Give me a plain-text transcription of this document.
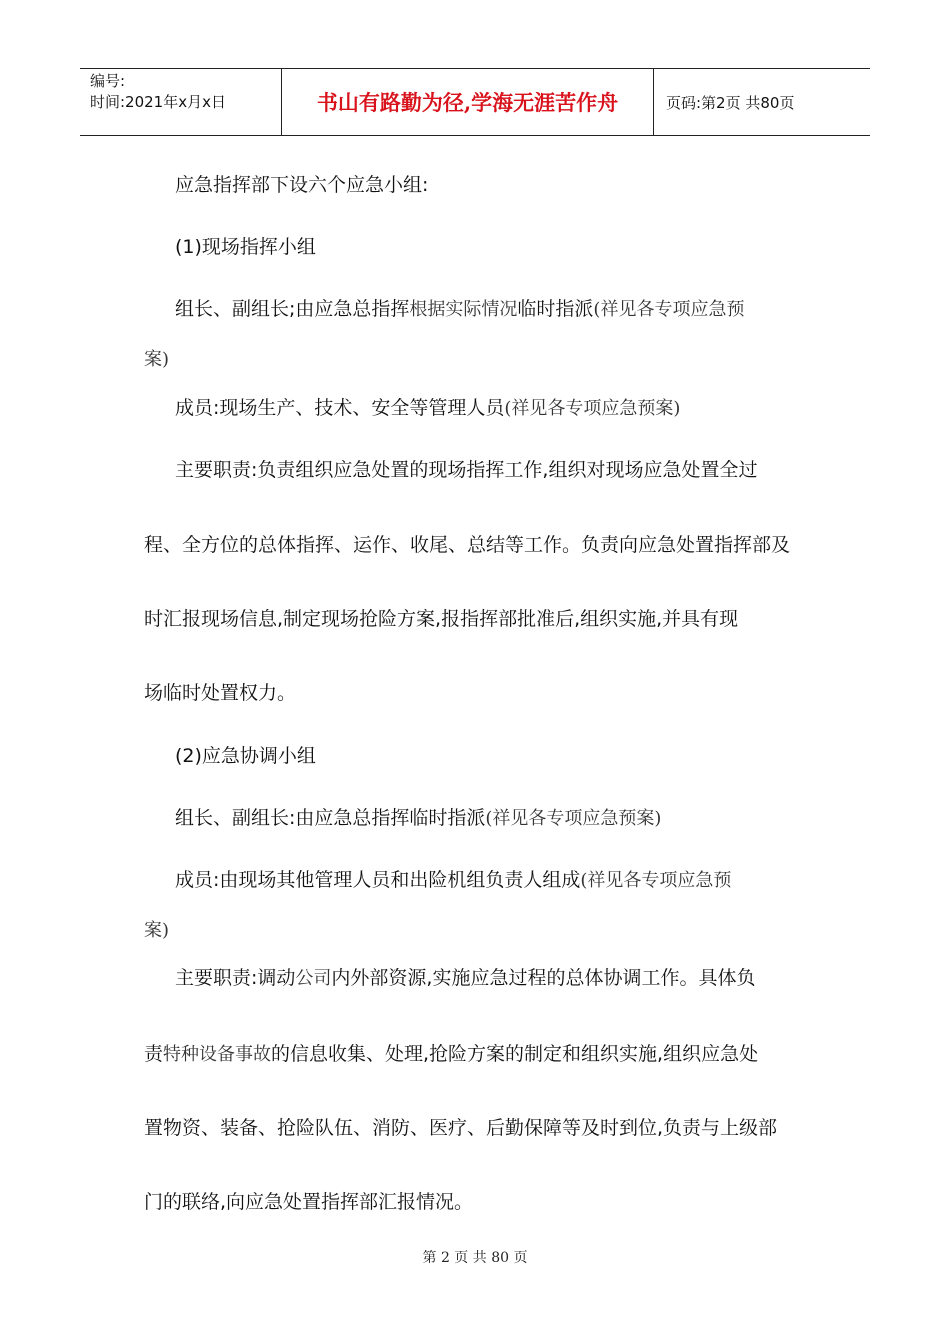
编号:
时间:2021年x月x日	书山有路勤为径,学海无涯苦作舟	页码:第2页 共80页
应急指挥部下设六个应急小组:
(1)现场指挥小组
组长、副组长;由应急总指挥根据实际情况临时指派(祥见各专项应急预
案)
成员:现场生产、技术、安全等管理人员(祥见各专项应急预案)
主要职责:负责组织应急处置的现场指挥工作,组织对现场应急处置全过
程、全方位的总体指挥、运作、收尾、总结等工作。负责向应急处置指挥部及
时汇报现场信息,制定现场抢险方案,报指挥部批准后,组织实施,并具有现
场临时处置权力。
(2)应急协调小组
组长、副组长:由应急总指挥临时指派(祥见各专项应急预案)
成员:由现场其他管理人员和出险机组负责人组成(祥见各专项应急预
案)
主要职责:调动公司内外部资源,实施应急过程的总体协调工作。具体负
责特种设备事故的信息收集、处理,抢险方案的制定和组织实施,组织应急处
置物资、装备、抢险队伍、消防、医疗、后勤保障等及时到位,负责与上级部
门的联络,向应急处置指挥部汇报情况。
第 2 页 共 80 页
